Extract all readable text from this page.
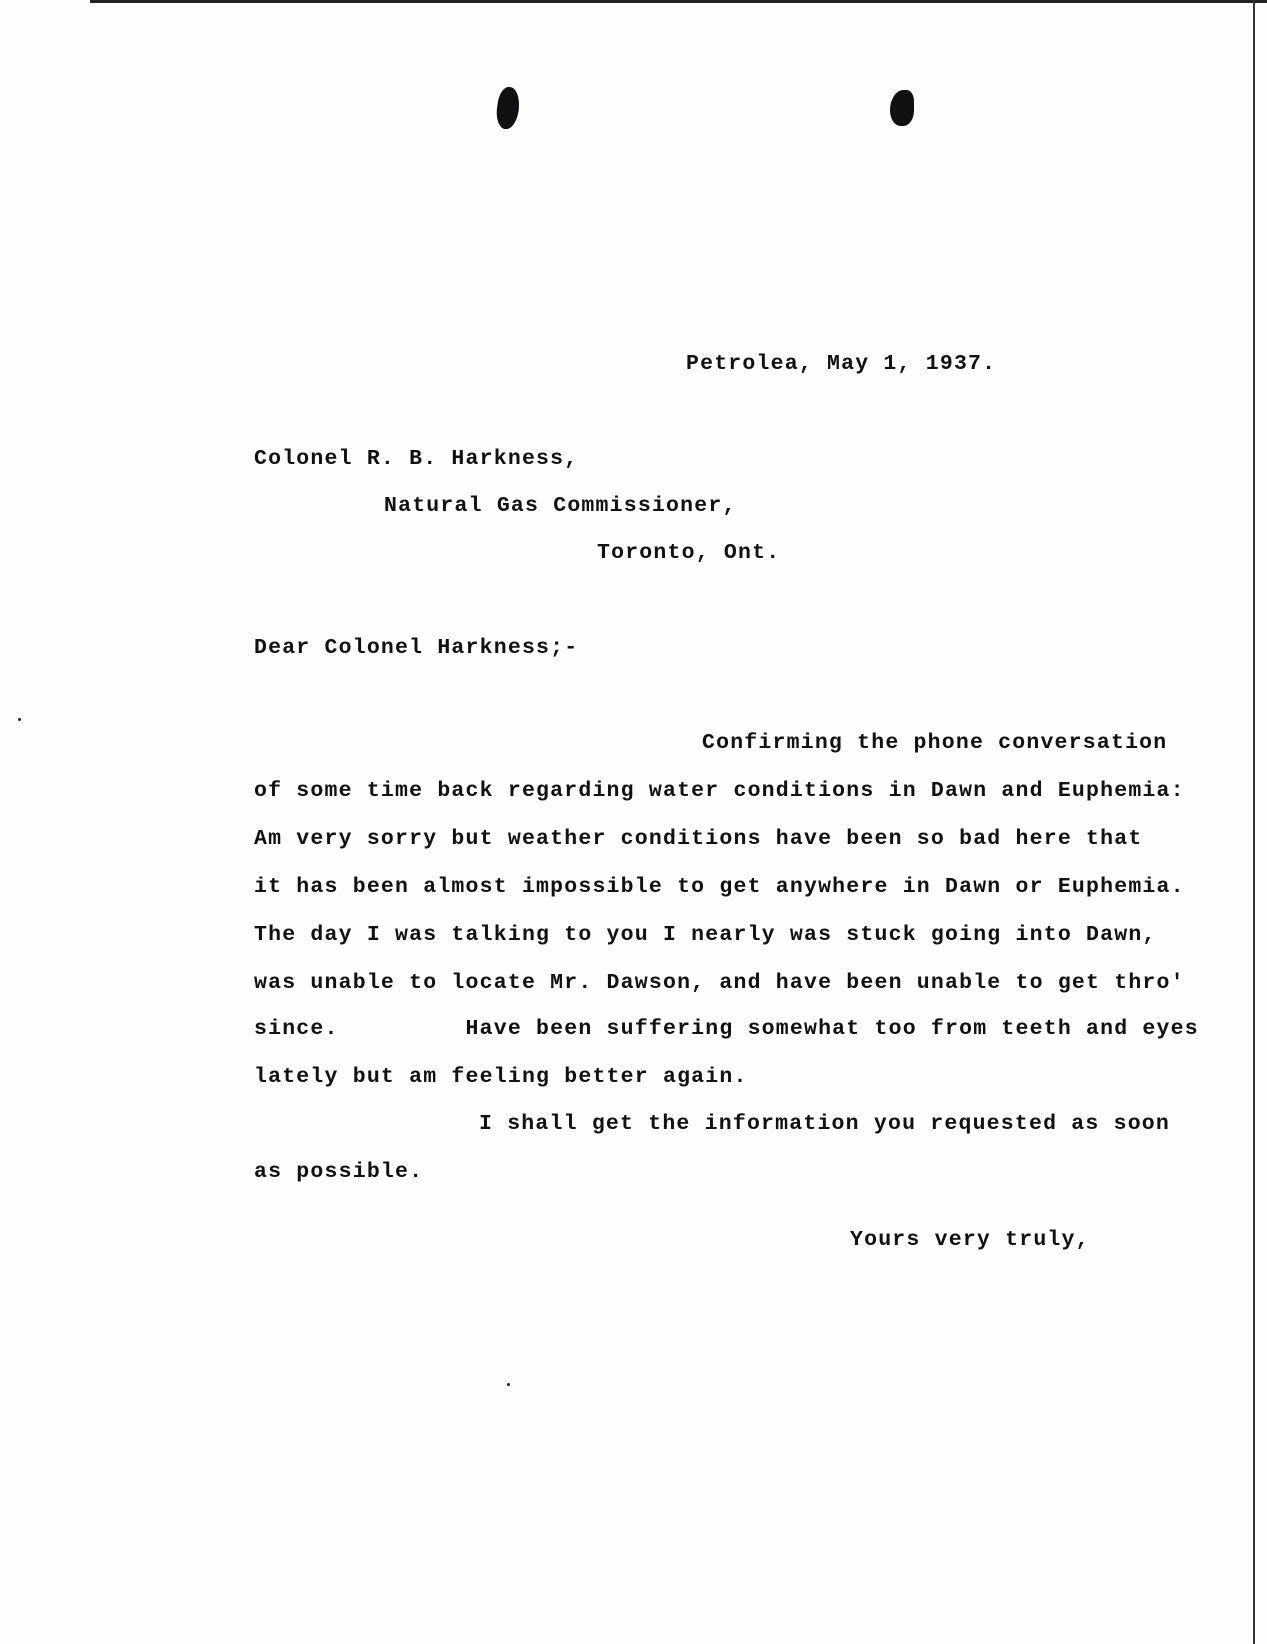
Petrolea, May 1, 1937.
Colonel R. B. Harkness,
Natural Gas Commissioner,
Toronto, Ont.
Dear Colonel Harkness;-
Confirming the phone conversation
of some time back regarding water conditions in Dawn and Euphemia:
Am very sorry but weather conditions have been so bad here that
it has been almost impossible to get anywhere in Dawn or Euphemia.
The day I was talking to you I nearly was stuck going into Dawn,
was unable to locate Mr. Dawson, and have been unable to get thro'
since.         Have been suffering somewhat too from teeth and eyes
lately but am feeling better again.
I shall get the information you requested as soon
as possible.
Yours very truly,
